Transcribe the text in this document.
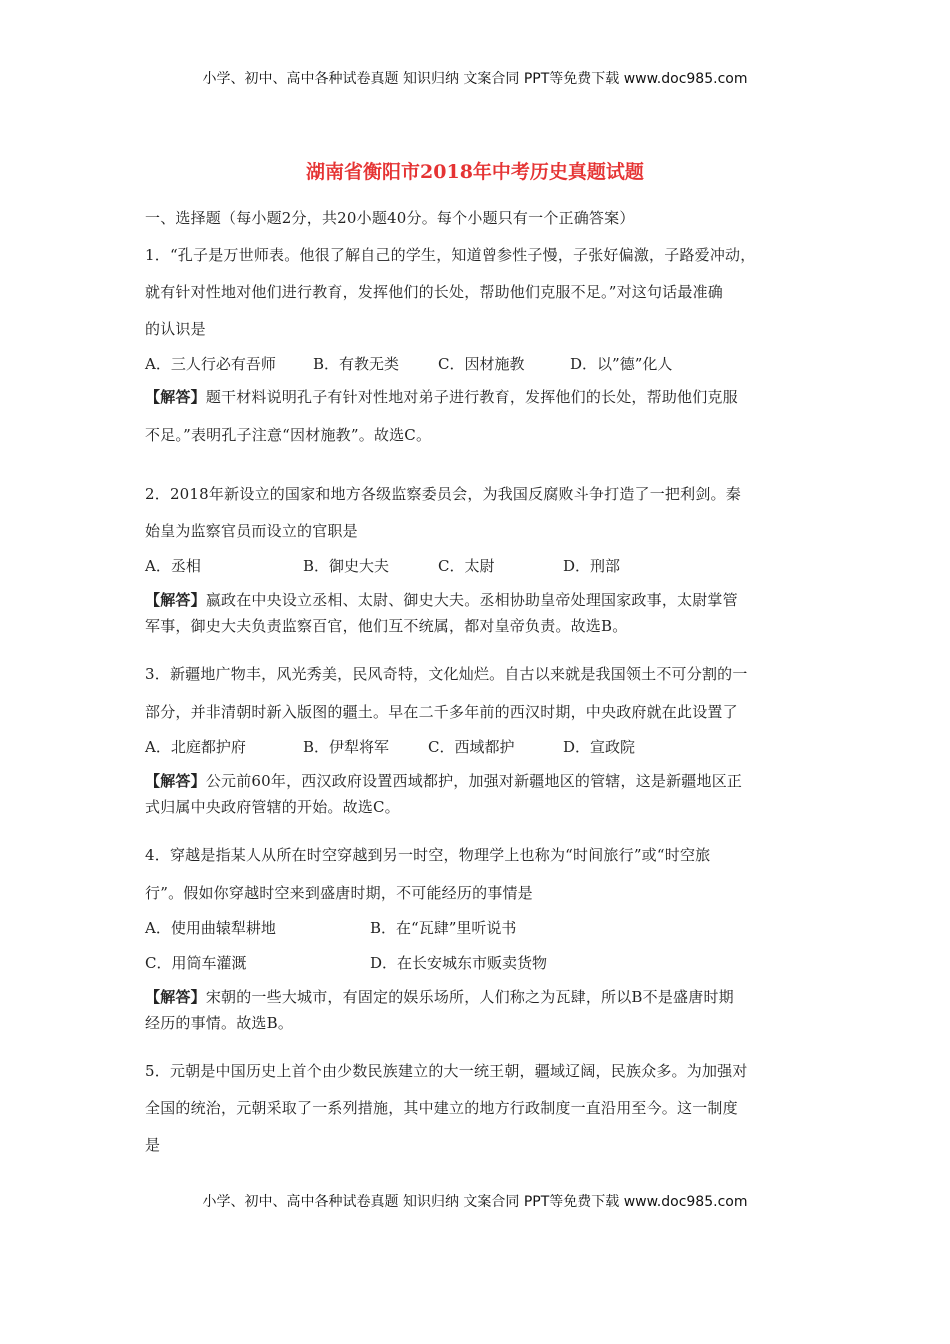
小学、初中、高中各种试卷真题 知识归纳 文案合同 PPT等免费下载 www.doc985.com
湖南省衡阳市2018年中考历史真题试题
一、选择题（每小题2分，共20小题40分。每个小题只有一个正确答案）
1．“孔子是万世师表。他很了解自己的学生，知道曾参性子慢，子张好偏激，子路爱冲动，
就有针对性地对他们进行教育，发挥他们的长处，帮助他们克服不足。”对这句话最准确
的认识是
A．三人行必有吾师 B．有教无类	C．因材施教	D．以”德”化人
【解答】题干材料说明孔子有针对性地对弟子进行教育，发挥他们的长处，帮助他们克服
不足。”表明孔子注意“因材施教”。故选C。
2．2018年新设立的国家和地方各级监察委员会，为我国反腐败斗争打造了一把利剑。秦
始皇为监察官员而设立的官职是
A．丞相	B．御史大夫	C．太尉	D．刑部
【解答】嬴政在中央设立丞相、太尉、御史大夫。丞相协助皇帝处理国家政事，太尉掌管
军事，御史大夫负责监察百官，他们互不统属，都对皇帝负责。故选B。
3．新疆地广物丰，风光秀美，民风奇特，文化灿烂。自古以来就是我国领土不可分割的一
部分，并非清朝时新入版图的疆土。早在二千多年前的西汉时期，中央政府就在此设置了
A．北庭都护府	B．伊犁将军	C．西域都护	D．宣政院
【解答】公元前60年，西汉政府设置西域都护，加强对新疆地区的管辖，这是新疆地区正
式归属中央政府管辖的开始。故选C。
4．穿越是指某人从所在时空穿越到另一时空，物理学上也称为“时间旅行”或“时空旅
行”。假如你穿越时空来到盛唐时期，不可能经历的事情是
A．使用曲辕犁耕地	B．在“瓦肆”里听说书
C．用筒车灌溉	D．在长安城东市贩卖货物
【解答】宋朝的一些大城市，有固定的娱乐场所，人们称之为瓦肆，所以B不是盛唐时期
经历的事情。故选B。
5．元朝是中国历史上首个由少数民族建立的大一统王朝，疆域辽阔，民族众多。为加强对
全国的统治，元朝采取了一系列措施，其中建立的地方行政制度一直沿用至今。这一制度
是
小学、初中、高中各种试卷真题 知识归纳 文案合同 PPT等免费下载 www.doc985.com
